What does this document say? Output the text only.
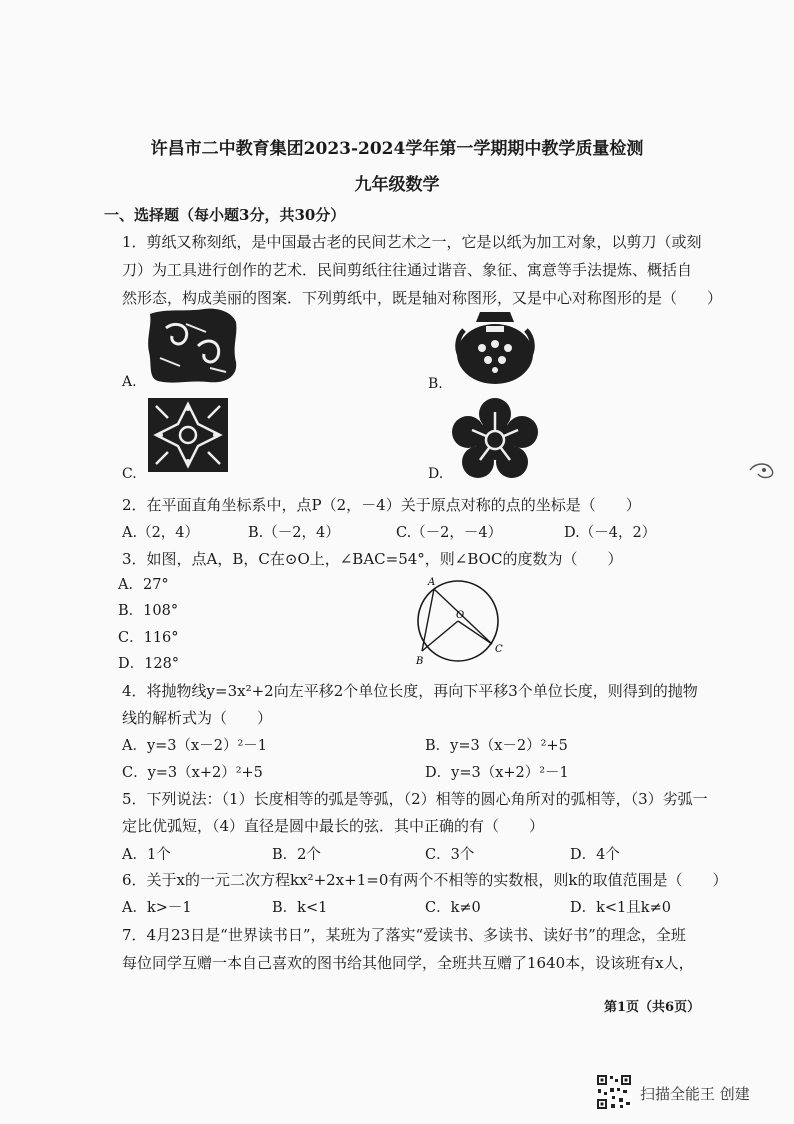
许昌市二中教育集团2023-2024学年第一学期期中教学质量检测
九年级数学
一、选择题（每小题3分，共30分）
1．剪纸又称刻纸，是中国最古老的民间艺术之一，它是以纸为加工对象，以剪刀（或刻
刀）为工具进行创作的艺术．民间剪纸往往通过谐音、象征、寓意等手法提炼、概括自
然形态，构成美丽的图案．下列剪纸中，既是轴对称图形，又是中心对称图形的是（　　）
A.	B.
C.	D.
2．在平面直角坐标系中，点P（2，－4）关于原点对称的点的坐标是（　　）
A.（2，4）	B.（－2，4）	C.（－2，－4）	D.（－4，2）
3．如图，点A，B，C在⊙O上，∠BAC=54°，则∠BOC的度数为（　　）
A．27°
B．108°
C．116°
D．128°
A
B
C
O
4．将抛物线y=3x²+2向左平移2个单位长度，再向下平移3个单位长度，则得到的抛物
线的解析式为（　　）
A．y=3（x－2）²－1	B．y=3（x－2）²+5
C．y=3（x+2）²+5	D．y=3（x+2）²－1
5．下列说法：（1）长度相等的弧是等弧，（2）相等的圆心角所对的弧相等，（3）劣弧一
定比优弧短，（4）直径是圆中最长的弦．其中正确的有（　　）
A．1个	B．2个	C．3个	D．4个
6．关于x的一元二次方程kx²+2x+1=0有两个不相等的实数根，则k的取值范围是（　　）
A．k>－1	B．k<1	C．k≠0	D．k<1且k≠0
7．4月23日是“世界读书日”，某班为了落实“爱读书、多读书、读好书”的理念，全班
每位同学互赠一本自己喜欢的图书给其他同学，全班共互赠了1640本，设该班有x人，
第1页（共6页）
扫描全能王 创建
